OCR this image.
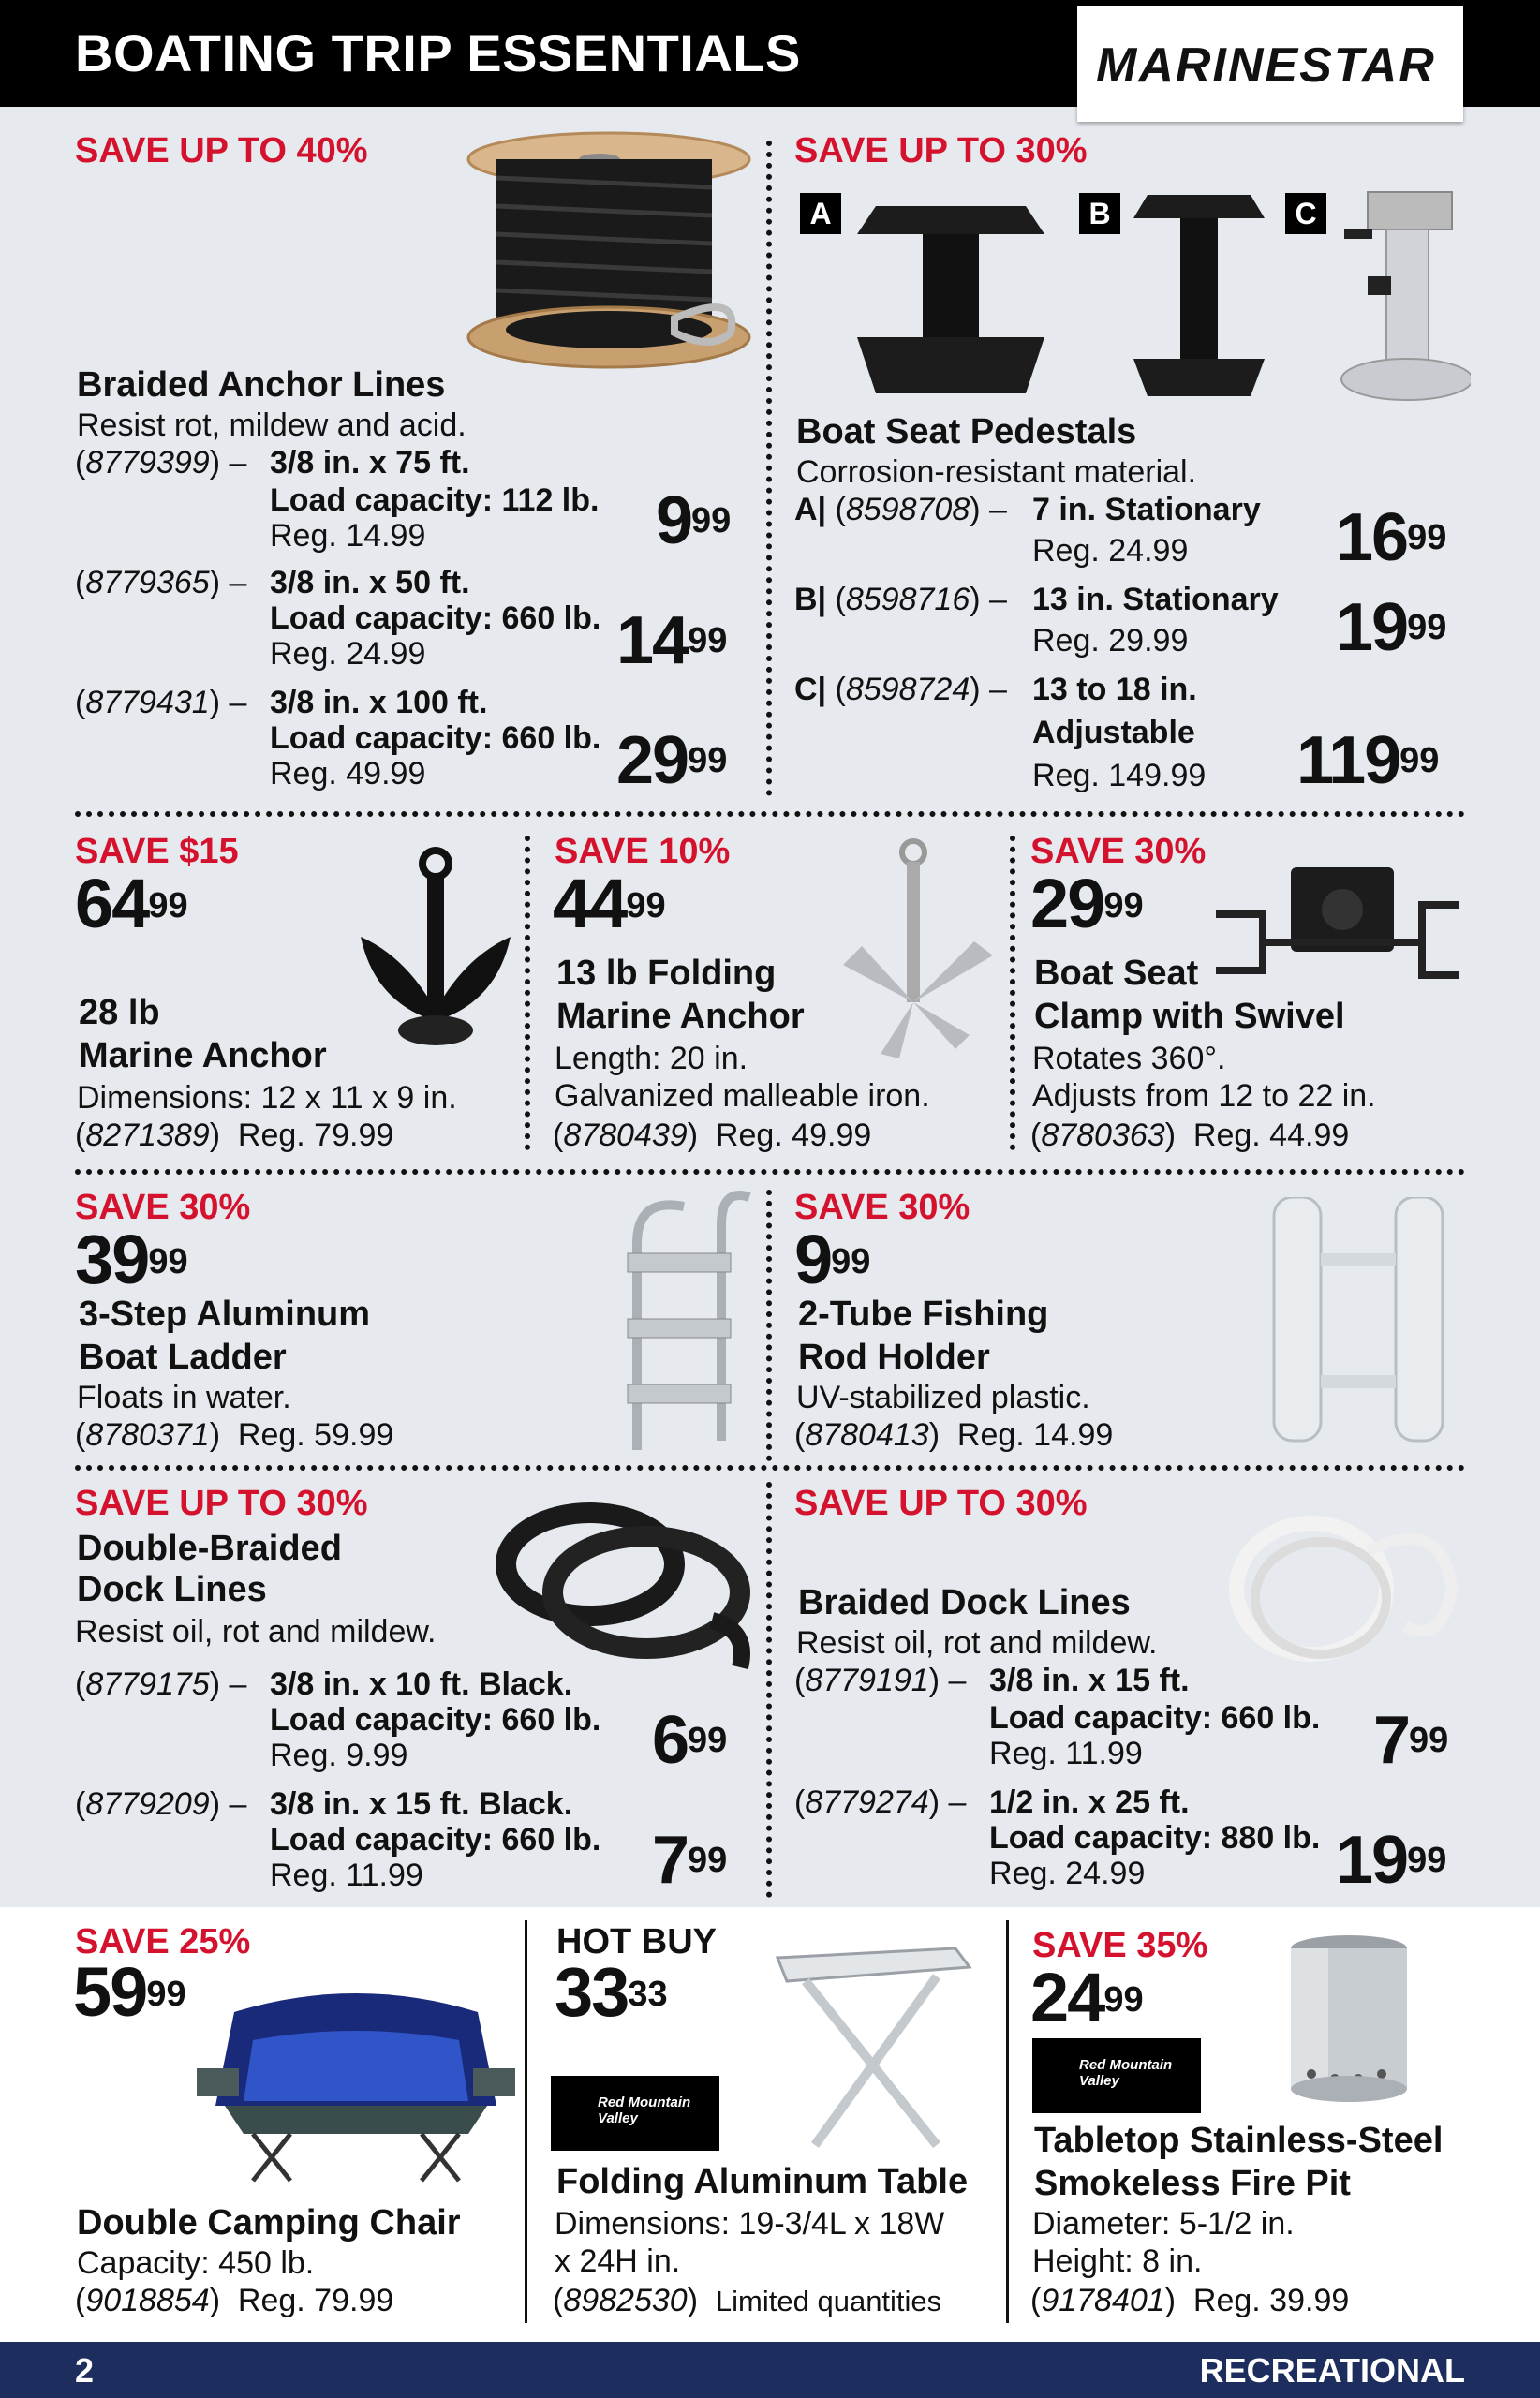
BOATING TRIP ESSENTIALS	MARINESTAR
SAVE UP TO 40%
Braided Anchor Lines
Resist rot, mildew and acid.
(8779399) – 3/8 in. x 75 ft.
Load capacity: 112 lb.
Reg. 14.99	$9^{99}$
(8779365) – 3/8 in. x 50 ft.
Load capacity: 660 lb.
Reg. 24.99	$14^{99}$
(8779431) – 3/8 in. x 100 ft.
Load capacity: 660 lb.
Reg. 49.99	$29^{99}$
SAVE UP TO 30%
A	B	C
Boat Seat Pedestals
Corrosion-resistant material.
A| (8598708) – 7 in. Stationary
Reg. 24.99 $16^{99}$
B| (8598716) – 13 in. Stationary
Reg. 29.99 $19^{99}$
C| (8598724) – 13 to 18 in.
Adjustable
Reg. 149.99 $119^{99}$
SAVE $15
$64^{99}$
28 lb
Marine Anchor
Dimensions: 12 x 11 x 9 in.
(8271389)  Reg. 79.99
SAVE 10%
$44^{99}$
13 lb Folding
Marine Anchor
Length: 20 in.
Galvanized malleable iron.
(8780439)  Reg. 49.99
SAVE 30%
$29^{99}$
Boat Seat
Clamp with Swivel
Rotates 360°.
Adjusts from 12 to 22 in.
(8780363)  Reg. 44.99
SAVE 30%
$39^{99}$
3-Step Aluminum
Boat Ladder
Floats in water.
(8780371)  Reg. 59.99
SAVE 30%
$9^{99}$
2-Tube Fishing
Rod Holder
UV-stabilized plastic.
(8780413)  Reg. 14.99
SAVE UP TO 30%
Double-Braided
Dock Lines
Resist oil, rot and mildew.
(8779175) – 3/8 in. x 10 ft. Black.
Load capacity: 660 lb.
Reg. 9.99	$6^{99}$
(8779209) – 3/8 in. x 15 ft. Black.
Load capacity: 660 lb.
Reg. 11.99	$7^{99}$
SAVE UP TO 30%
Braided Dock Lines
Resist oil, rot and mildew.
(8779191) – 3/8 in. x 15 ft.
Load capacity: 660 lb.
Reg. 11.99	$7^{99}$
(8779274) – 1/2 in. x 25 ft.
Load capacity: 880 lb.
Reg. 24.99	$19^{99}$
SAVE 25%
$59^{99}$
Double Camping Chair
Capacity: 450 lb.
(9018854)  Reg. 79.99
HOT BUY
$33^{33}$
Red Mountain Valley
Folding Aluminum Table
Dimensions: 19-3/4L x 18W
x 24H in.
(8982530)  Limited quantities
SAVE 35%
$24^{99}$
Red Mountain Valley
Tabletop Stainless-Steel
Smokeless Fire Pit
Diameter: 5-1/2 in.
Height: 8 in.
(9178401)  Reg. 39.99
2	RECREATIONAL
